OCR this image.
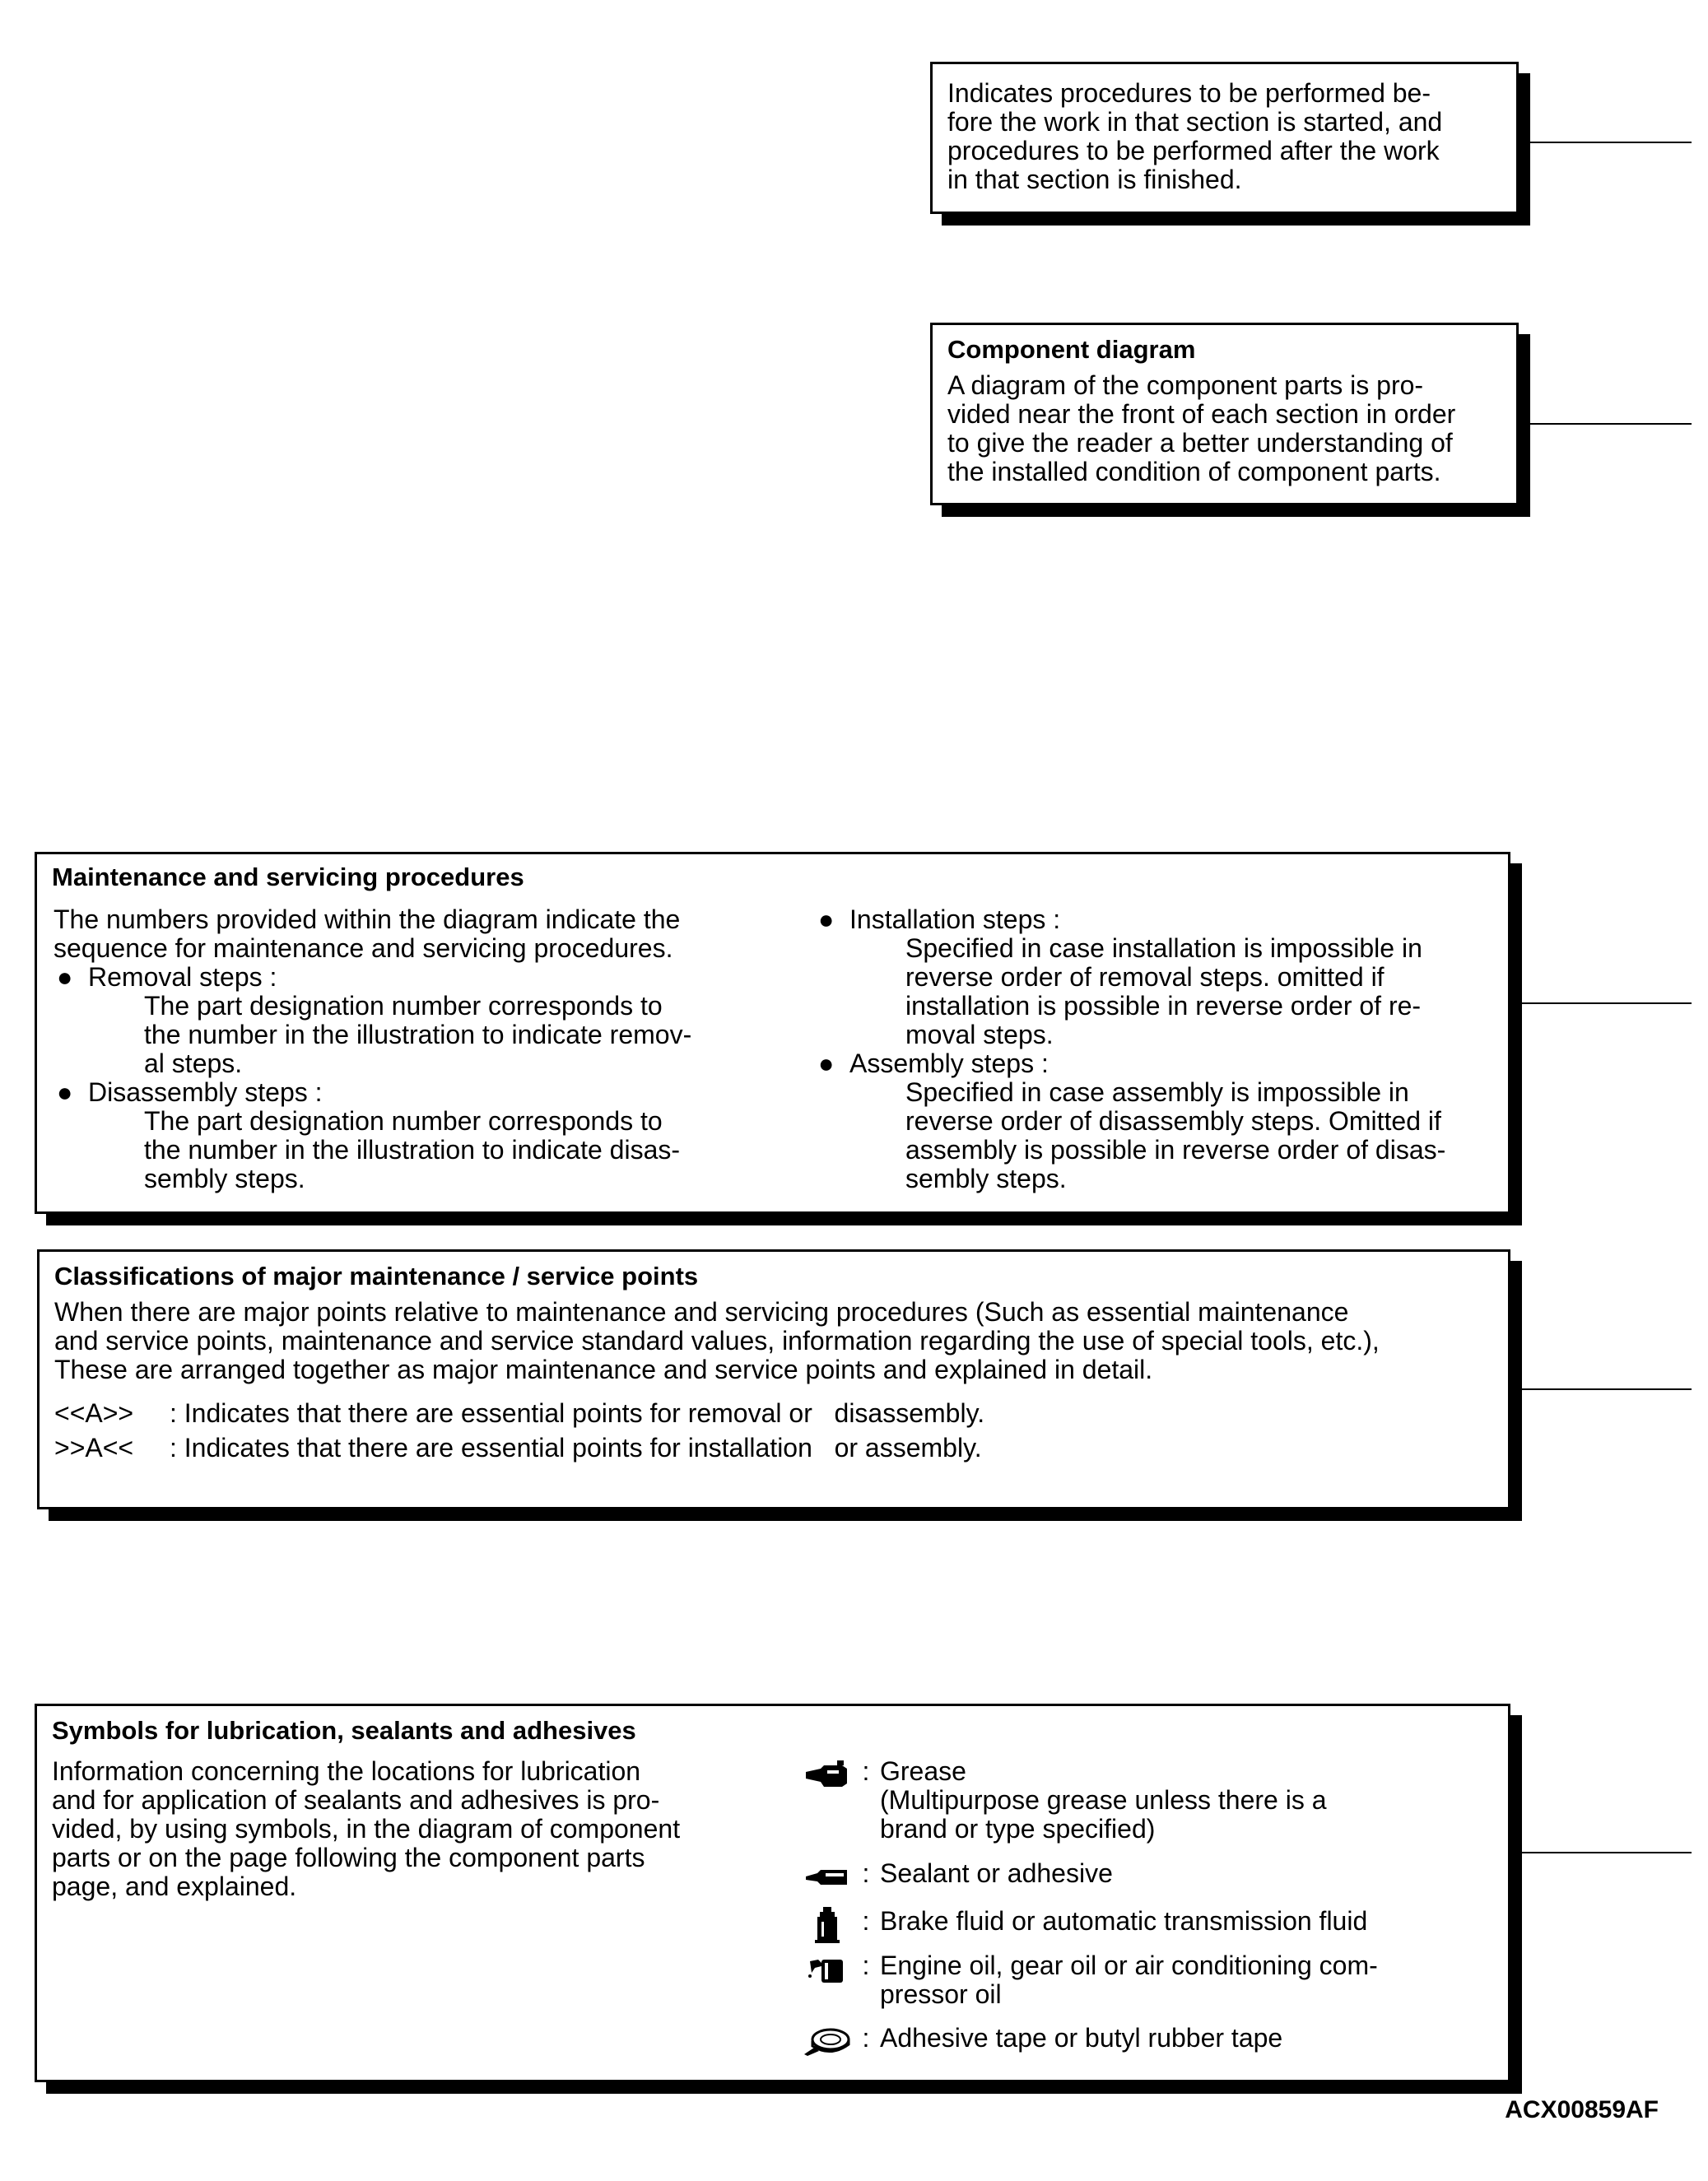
Indicates procedures to be performed be-
fore the work in that section is started, and
procedures to be performed after the work
in that section is finished.
Component diagram
A diagram of the component parts is pro-
vided near the front of each section in order
to give the reader a better understanding of
the installed condition of component parts.
Maintenance and servicing procedures
The numbers provided within the diagram indicate the
sequence for maintenance and servicing procedures.
● Removal steps :
The part designation number corresponds to
the number in the illustration to indicate remov-
al steps.
● Disassembly steps :
The part designation number corresponds to
the number in the illustration to indicate disas-
sembly steps.
● Installation steps :
Specified in case installation is impossible in
reverse order of removal steps. omitted if
installation is possible in reverse order of re-
moval steps.
● Assembly steps :
Specified in case assembly is impossible in
reverse order of disassembly steps. Omitted if
assembly is possible in reverse order of disas-
sembly steps.
Classifications of major maintenance / service points
When there are major points relative to maintenance and servicing procedures (Such as essential maintenance
and service points, maintenance and service standard values, information regarding the use of special tools, etc.),
These are arranged together as major maintenance and service points and explained in detail.
<<A>>	: Indicates that there are essential points for removal or   disassembly.
>>A<<	: Indicates that there are essential points for installation   or assembly.
Symbols for lubrication, sealants and adhesives
Information concerning the locations for lubrication
and for application of sealants and adhesives is pro-
vided, by using symbols, in the diagram of component
parts or on the page following the component parts
page, and explained.
: Grease
(Multipurpose grease unless there is a
brand or type specified)
: Sealant or adhesive
: Brake fluid or automatic transmission fluid
: Engine oil, gear oil or air conditioning com-
pressor oil
: Adhesive tape or butyl rubber tape
ACX00859AF
